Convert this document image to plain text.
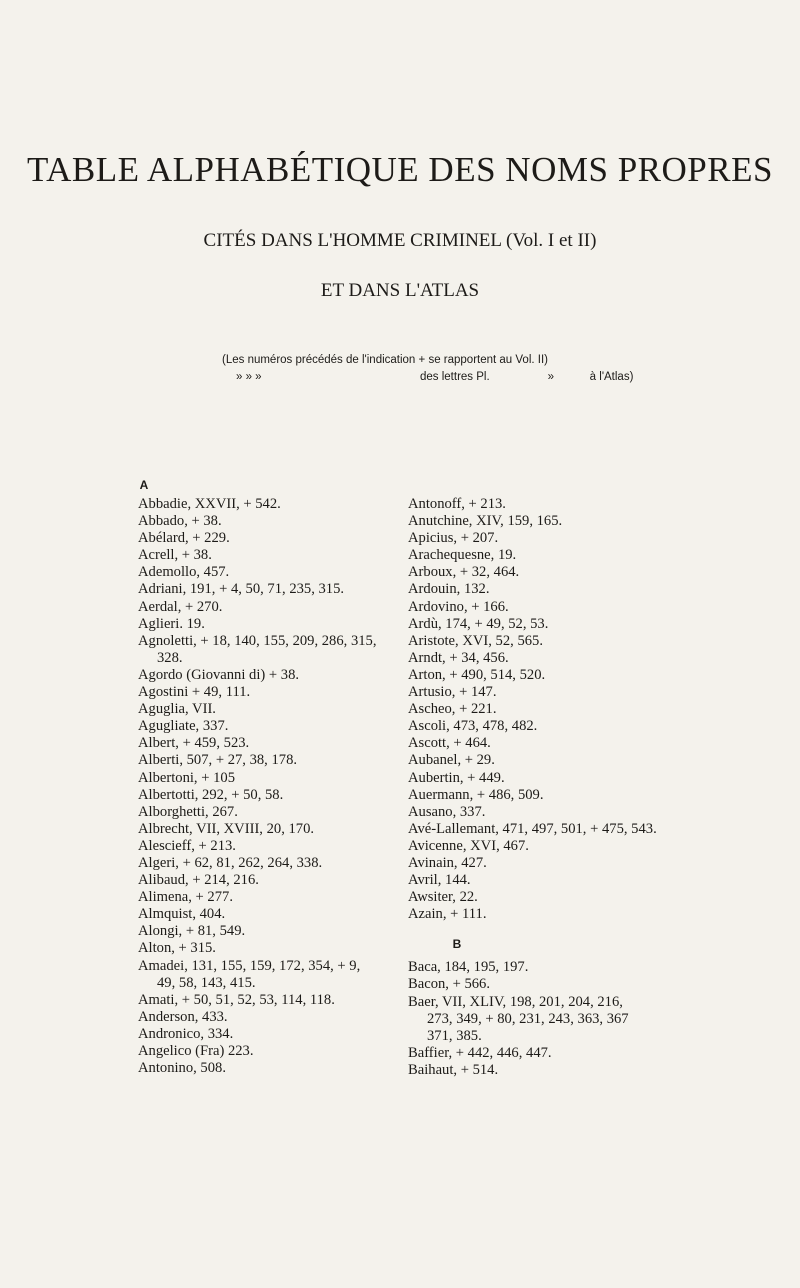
TABLE ALPHABÉTIQUE DES NOMS PROPRES

CITÉS DANS L'HOMME CRIMINEL (Vol. I et II)

ET DANS L'ATLAS

(Les numéros précédés de l'indication + se rapportent au Vol. II)
» » »	des lettres Pl.	»	à l'Atlas)
A
Abbadie, XXVII, + 542.
Abbado, + 38.
Abélard, + 229.
Acrell, + 38.
Ademollo, 457.
Adriani, 191, + 4, 50, 71, 235, 315.
Aerdal, + 270.
Aglieri. 19.
Agnoletti, + 18, 140, 155, 209, 286, 315,
328.
Agordo (Giovanni di) + 38.
Agostini + 49, 111.
Aguglia, VII.
Agugliate, 337.
Albert, + 459, 523.
Alberti, 507, + 27, 38, 178.
Albertoni, + 105
Albertotti, 292, + 50, 58.
Alborghetti, 267.
Albrecht, VII, XVIII, 20, 170.
Alescieff, + 213.
Algeri, + 62, 81, 262, 264, 338.
Alibaud, + 214, 216.
Alimena, + 277.
Almquist, 404.
Alongi, + 81, 549.
Alton, + 315.
Amadei, 131, 155, 159, 172, 354, + 9,
49, 58, 143, 415.
Amati, + 50, 51, 52, 53, 114, 118.
Anderson, 433.
Andronico, 334.
Angelico (Fra) 223.
Antonino, 508.
Antonoff, + 213.
Anutchine, XIV, 159, 165.
Apicius, + 207.
Arachequesne, 19.
Arboux, + 32, 464.
Ardouin, 132.
Ardovino, + 166.
Ardù, 174, + 49, 52, 53.
Aristote, XVI, 52, 565.
Arndt, + 34, 456.
Arton, + 490, 514, 520.
Artusio, + 147.
Ascheo, + 221.
Ascoli, 473, 478, 482.
Ascott, + 464.
Aubanel, + 29.
Aubertin, + 449.
Auermann, + 486, 509.
Ausano, 337.
Avé-Lallemant, 471, 497, 501, + 475, 543.
Avicenne, XVI, 467.
Avinain, 427.
Avril, 144.
Awsiter, 22.
Azain, + 111.
B
Baca, 184, 195, 197.
Bacon, + 566.
Baer, VII, XLIV, 198, 201, 204, 216,
273, 349, + 80, 231, 243, 363, 367
371, 385.
Baffier, + 442, 446, 447.
Baihaut, + 514.
